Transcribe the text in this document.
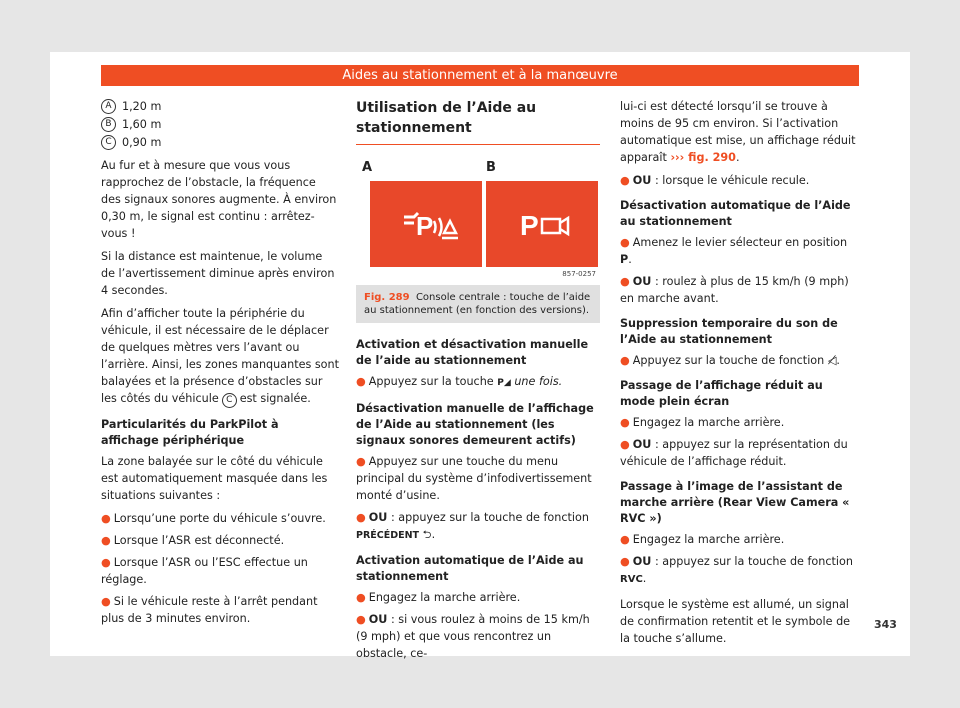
Aides au stationnement et à la manœuvre
A 1,20 m
B 1,60 m
C 0,90 m

Au fur et à mesure que vous vous rapprochez de l’obstacle, la fréquence des signaux sonores augmente. À environ 0,30 m, le signal est continu : arrêtez-vous !

Si la distance est maintenue, le volume de l’avertissement diminue après environ 4 secondes.

Afin d’afficher toute la périphérie du véhicule, il est nécessaire de le déplacer de quelques mètres vers l’avant ou l’arrière. Ainsi, les zones manquantes sont balayées et la présence d’obstacles sur les côtés du véhicule C est signalée.

Particularités du ParkPilot à affichage périphérique

La zone balayée sur le côté du véhicule est automatiquement masquée dans les situations suivantes :

● Lorsqu’une porte du véhicule s’ouvre.
● Lorsque l’ASR est déconnecté.
● Lorsque l’ASR ou l’ESC effectue un réglage.
● Si le véhicule reste à l’arrêt pendant plus de 3 minutes environ.
Utilisation de l’Aide au stationnement
A	B
P	P
857-0257
Fig. 289 Console centrale : touche de l’aide au stationnement (en fonction des versions).
Activation et désactivation manuelle de l’aide au stationnement
● Appuyez sur la touche P◢ une fois.
Désactivation manuelle de l’affichage de l’Aide au stationnement (les signaux sonores demeurent actifs)
● Appuyez sur une touche du menu principal du système d’infodivertissement monté d’usine.
● OU : appuyez sur la touche de fonction PRÉCÉDENT ⮌.
Activation automatique de l’Aide au stationnement
● Engagez la marche arrière.
● OU : si vous roulez à moins de 15 km/h (9 mph) et que vous rencontrez un obstacle, ce-

lui-ci est détecté lorsqu’il se trouve à moins de 95 cm environ. Si l’activation automatique est mise, un affichage réduit apparaît ››› fig. 290.

● OU : lorsque le véhicule recule.
Désactivation automatique de l’Aide au stationnement
● Amenez le levier sélecteur en position P.
● OU : roulez à plus de 15 km/h (9 mph) en marche avant.
Suppression temporaire du son de l’Aide au stationnement
● Appuyez sur la touche de fonction ◁̸.
Passage de l’affichage réduit au mode plein écran
● Engagez la marche arrière.
● OU : appuyez sur la représentation du véhicule de l’affichage réduit.
Passage à l’image de l’assistant de marche arrière (Rear View Camera « RVC »)
● Engagez la marche arrière.
● OU : appuyez sur la touche de fonction RVC.

Lorsque le système est allumé, un signal de confirmation retentit et le symbole de la touche s’allume.

343
